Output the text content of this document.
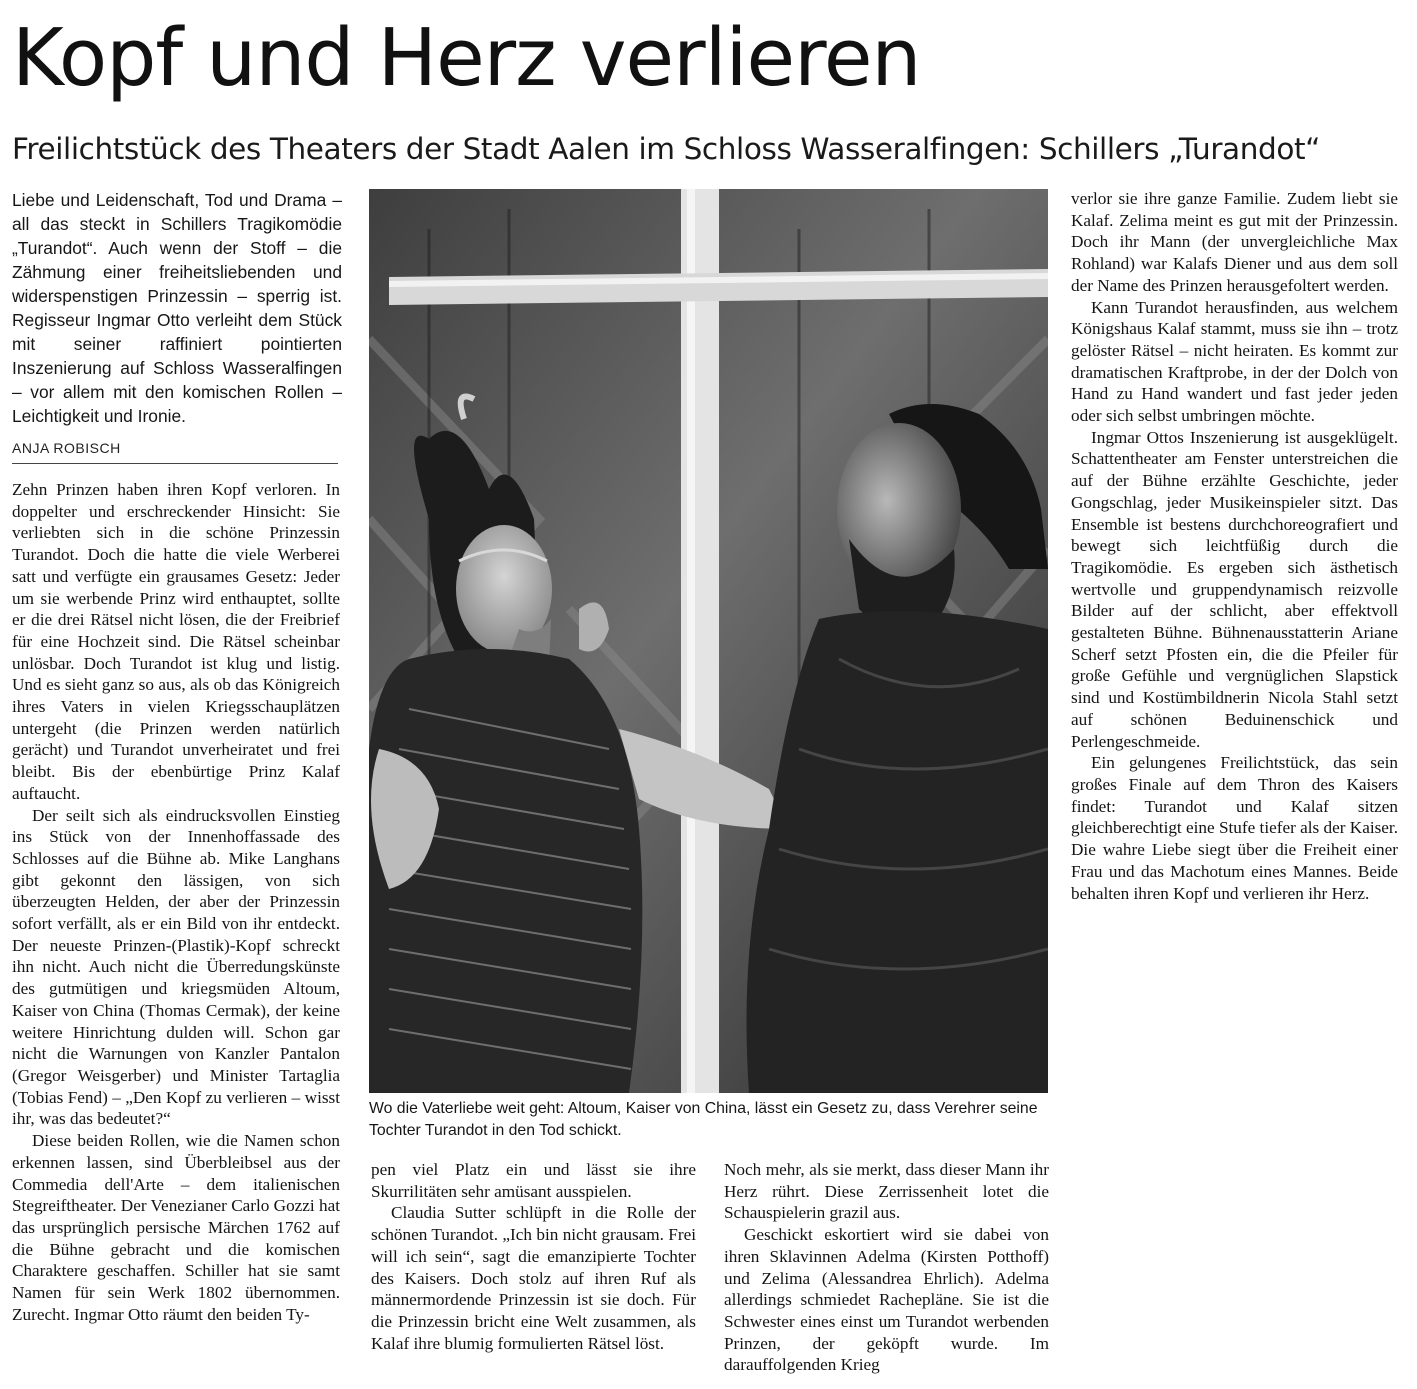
Kopf und Herz verlieren
Freilichtstück des Theaters der Stadt Aalen im Schloss Wasseralfingen: Schillers „Turandot“
Liebe und Leidenschaft, Tod und Drama – all das steckt in Schillers Tragikomödie „Turandot“. Auch wenn der Stoff – die Zähmung einer freiheitsliebenden und widerspenstigen Prinzessin – sperrig ist. Regisseur Ingmar Otto verleiht dem Stück mit seiner raffiniert pointierten Inszenierung auf Schloss Wasseralfingen – vor allem mit den komischen Rollen – Leichtigkeit und Ironie.
ANJA ROBISCH

Zehn Prinzen haben ihren Kopf verloren. In doppelter und erschreckender Hinsicht: Sie verliebten sich in die schöne Prinzessin Turandot. Doch die hatte die viele Werberei satt und verfügte ein grausames Gesetz: Jeder um sie werbende Prinz wird enthauptet, sollte er die drei Rätsel nicht lösen, die der Freibrief für eine Hochzeit sind. Die Rätsel scheinbar unlösbar. Doch Turandot ist klug und listig. Und es sieht ganz so aus, als ob das Königreich ihres Vaters in vielen Kriegsschauplätzen untergeht (die Prinzen werden natürlich gerächt) und Turandot unverheiratet und frei bleibt. Bis der ebenbürtige Prinz Kalaf auftaucht.

Der seilt sich als eindrucksvollen Einstieg ins Stück von der Innenhoffassade des Schlosses auf die Bühne ab. Mike Langhans gibt gekonnt den lässigen, von sich überzeugten Helden, der aber der Prinzessin sofort verfällt, als er ein Bild von ihr entdeckt. Der neueste Prinzen-(Plastik)-Kopf schreckt ihn nicht. Auch nicht die Überredungskünste des gutmütigen und kriegsmüden Altoum, Kaiser von China (Thomas Cermak), der keine weitere Hinrichtung dulden will. Schon gar nicht die Warnungen von Kanzler Pantalon (Gregor Weisgerber) und Minister Tartaglia (Tobias Fend) – „Den Kopf zu verlieren – wisst ihr, was das bedeutet?“

Diese beiden Rollen, wie die Namen schon erkennen lassen, sind Überbleibsel aus der Commedia dell'Arte – dem italienischen Stegreiftheater. Der Venezianer Carlo Gozzi hat das ursprünglich persische Märchen 1762 auf die Bühne gebracht und die komischen Charaktere geschaffen. Schiller hat sie samt Namen für sein Werk 1802 übernommen. Zurecht. Ingmar Otto räumt den beiden Ty-

Wo die Vaterliebe weit geht: Altoum, Kaiser von China, lässt ein Gesetz zu, dass Verehrer seine Tochter Turandot in den Tod schickt.

pen viel Platz ein und lässt sie ihre Skurrilitäten sehr amüsant ausspielen.

Claudia Sutter schlüpft in die Rolle der schönen Turandot. „Ich bin nicht grausam. Frei will ich sein“, sagt die emanzipierte Tochter des Kaisers. Doch stolz auf ihren Ruf als männermordende Prinzessin ist sie doch. Für die Prinzessin bricht eine Welt zusammen, als Kalaf ihre blumig formulierten Rätsel löst.

Noch mehr, als sie merkt, dass dieser Mann ihr Herz rührt. Diese Zerrissenheit lotet die Schauspielerin grazil aus.

Geschickt eskortiert wird sie dabei von ihren Sklavinnen Adelma (Kirsten Potthoff) und Zelima (Alessandrea Ehrlich). Adelma allerdings schmiedet Rachepläne. Sie ist die Schwester eines einst um Turandot werbenden Prinzen, der geköpft wurde. Im darauffolgenden Krieg

verlor sie ihre ganze Familie. Zudem liebt sie Kalaf. Zelima meint es gut mit der Prinzessin. Doch ihr Mann (der unvergleichliche Max Rohland) war Kalafs Diener und aus dem soll der Name des Prinzen herausgefoltert werden.

Kann Turandot herausfinden, aus welchem Königshaus Kalaf stammt, muss sie ihn – trotz gelöster Rätsel – nicht heiraten. Es kommt zur dramatischen Kraftprobe, in der der Dolch von Hand zu Hand wandert und fast jeder jeden oder sich selbst umbringen möchte.

Ingmar Ottos Inszenierung ist ausgeklügelt. Schattentheater am Fenster unterstreichen die auf der Bühne erzählte Geschichte, jeder Gongschlag, jeder Musikeinspieler sitzt. Das Ensemble ist bestens durchchoreografiert und bewegt sich leichtfüßig durch die Tragikomödie. Es ergeben sich ästhetisch wertvolle und gruppendynamisch reizvolle Bilder auf der schlicht, aber effektvoll gestalteten Bühne. Bühnenausstatterin Ariane Scherf setzt Pfosten ein, die die Pfeiler für große Gefühle und vergnüglichen Slapstick sind und Kostümbildnerin Nicola Stahl setzt auf schönen Beduinenschick und Perlengeschmeide.

Ein gelungenes Freilichtstück, das sein großes Finale auf dem Thron des Kaisers findet: Turandot und Kalaf sitzen gleichberechtigt eine Stufe tiefer als der Kaiser. Die wahre Liebe siegt über die Freiheit einer Frau und das Machotum eines Mannes. Beide behalten ihren Kopf und verlieren ihr Herz.
